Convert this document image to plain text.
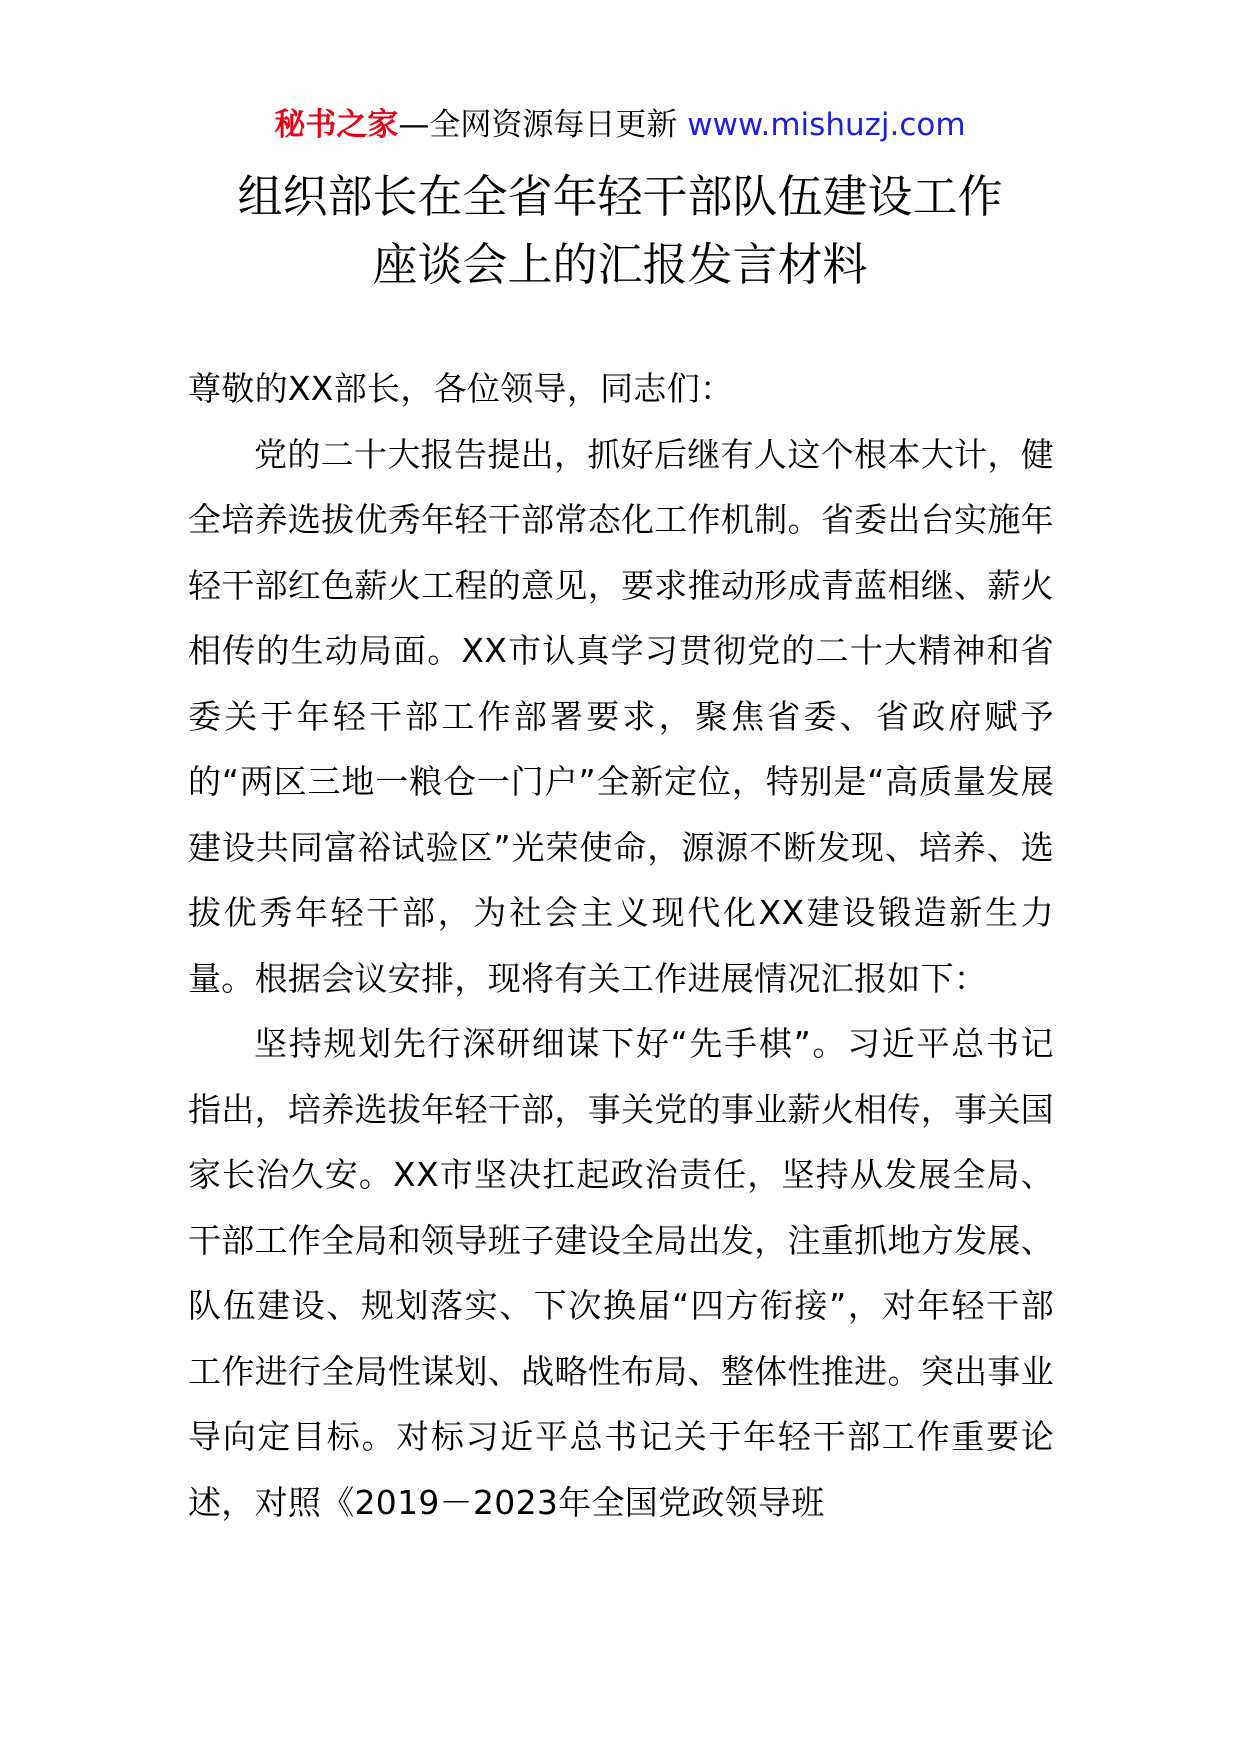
秘书之家—全网资源每日更新 www.mishuzj.com
组织部长在全省年轻干部队伍建设工作
座谈会上的汇报发言材料

尊敬的XX部长，各位领导，同志们：

党的二十大报告提出，抓好后继有人这个根本大计，健全培养选拔优秀年轻干部常态化工作机制。省委出台实施年轻干部红色薪火工程的意见，要求推动形成青蓝相继、薪火相传的生动局面。XX市认真学习贯彻党的二十大精神和省委关于年轻干部工作部署要求，聚焦省委、省政府赋予的“两区三地一粮仓一门户”全新定位，特别是“高质量发展建设共同富裕试验区”光荣使命，源源不断发现、培养、选拔优秀年轻干部，为社会主义现代化XX建设锻造新生力量。根据会议安排，现将有关工作进展情况汇报如下：

坚持规划先行深研细谋下好“先手棋”。习近平总书记指出，培养选拔年轻干部，事关党的事业薪火相传，事关国家长治久安。XX市坚决扛起政治责任，坚持从发展全局、干部工作全局和领导班子建设全局出发，注重抓地方发展、队伍建设、规划落实、下次换届“四方衔接”，对年轻干部工作进行全局性谋划、战略性布局、整体性推进。突出事业导向定目标。对标习近平总书记关于年轻干部工作重要论述，对照《2019－2023年全国党政领导班
